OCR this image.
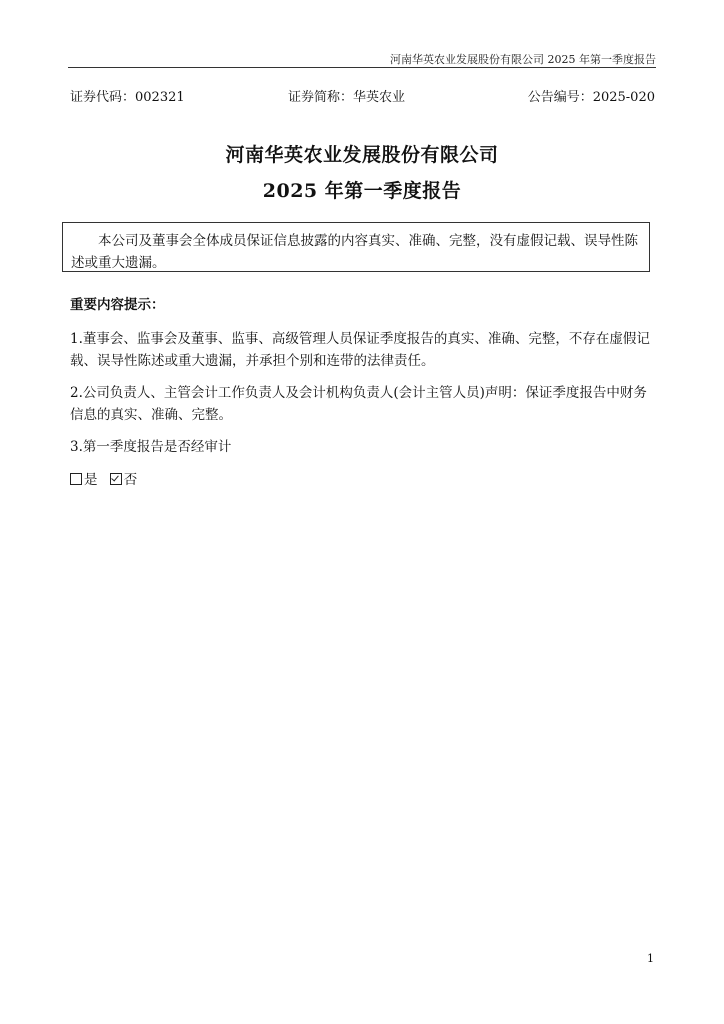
河南华英农业发展股份有限公司 2025 年第一季度报告
证券代码：002321	证券简称：华英农业	公告编号：2025-020
河南华英农业发展股份有限公司
2025 年第一季度报告
本公司及董事会全体成员保证信息披露的内容真实、准确、完整，没有虚假记载、误导性陈述或重大遗漏。
重要内容提示：
1.董事会、监事会及董事、监事、高级管理人员保证季度报告的真实、准确、完整，不存在虚假记载、误导性陈述或重大遗漏，并承担个别和连带的法律责任。
2.公司负责人、主管会计工作负责人及会计机构负责人(会计主管人员)声明：保证季度报告中财务信息的真实、准确、完整。
3.第一季度报告是否经审计
是 否
1
